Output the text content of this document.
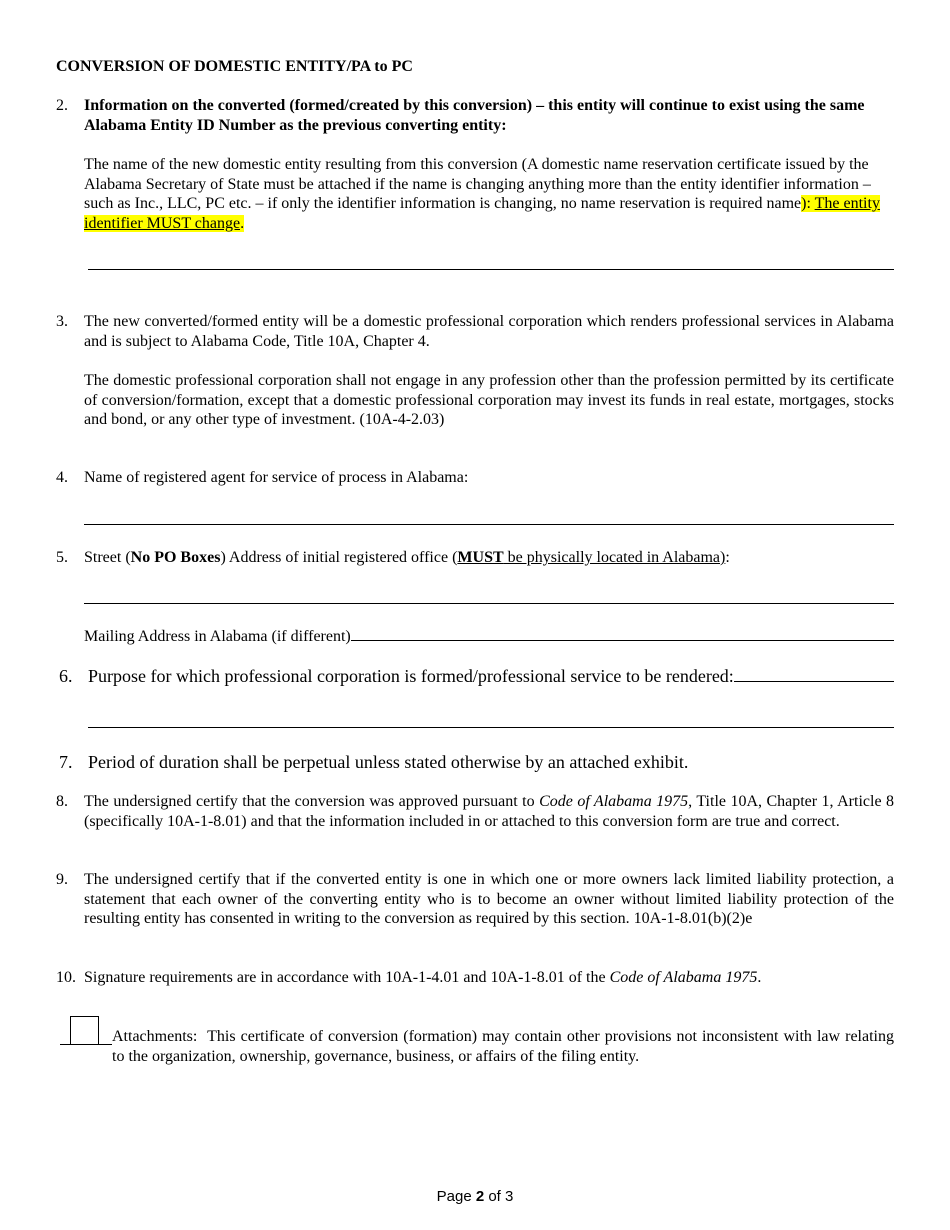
CONVERSION OF DOMESTIC ENTITY/PA to PC
2. Information on the converted (formed/created by this conversion) – this entity will continue to exist using the same Alabama Entity ID Number as the previous converting entity:
The name of the new domestic entity resulting from this conversion (A domestic name reservation certificate issued by the Alabama Secretary of State must be attached if the name is changing anything more than the entity identifier information – such as Inc., LLC, PC etc. – if only the identifier information is changing, no name reservation is required name): The entity identifier MUST change.
3. The new converted/formed entity will be a domestic professional corporation which renders professional services in Alabama and is subject to Alabama Code, Title 10A, Chapter 4.
The domestic professional corporation shall not engage in any profession other than the profession permitted by its certificate of conversion/formation, except that a domestic professional corporation may invest its funds in real estate, mortgages, stocks and bond, or any other type of investment. (10A-4-2.03)
4. Name of registered agent for service of process in Alabama:
5. Street (No PO Boxes) Address of initial registered office (MUST be physically located in Alabama):
Mailing Address in Alabama (if different)
6. Purpose for which professional corporation is formed/professional service to be rendered:
7. Period of duration shall be perpetual unless stated otherwise by an attached exhibit.
8. The undersigned certify that the conversion was approved pursuant to Code of Alabama 1975, Title 10A, Chapter 1, Article 8 (specifically 10A-1-8.01) and that the information included in or attached to this conversion form are true and correct.
9. The undersigned certify that if the converted entity is one in which one or more owners lack limited liability protection, a statement that each owner of the converting entity who is to become an owner without limited liability protection of the resulting entity has consented in writing to the conversion as required by this section. 10A-1-8.01(b)(2)e
10. Signature requirements are in accordance with 10A-1-4.01 and 10A-1-8.01 of the Code of Alabama 1975.
Attachments:  This certificate of conversion (formation) may contain other provisions not inconsistent with law relating to the organization, ownership, governance, business, or affairs of the filing entity.
Page 2 of 3
